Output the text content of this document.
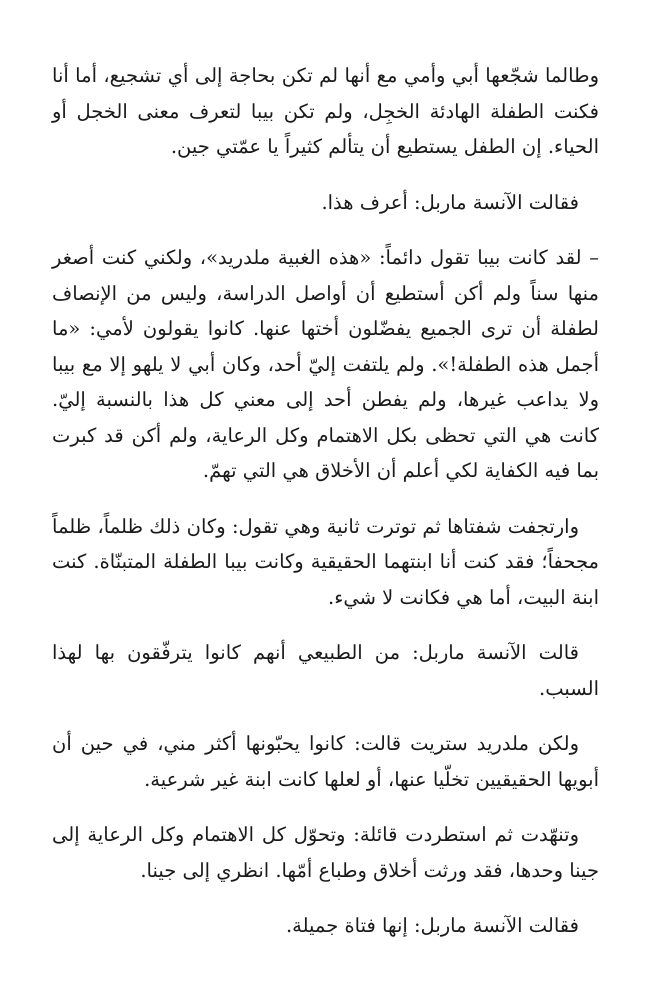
وطالما شجّعها أبي وأمي مع أنها لم تكن بحاجة إلى أي تشجيع، أما أنا فكنت الطفلة الهادئة الخجِل، ولم تكن بيبا لتعرف معنى الخجل أو الحياء. إن الطفل يستطيع أن يتألم كثيراً يا عمّتي جين.

فقالت الآنسة ماربل: أعرف هذا.

– لقد كانت بيبا تقول دائماً: «هذه الغبية ملدريد»، ولكني كنت أصغر منها سناً ولم أكن أستطيع أن أواصل الدراسة، وليس من الإنصاف لطفلة أن ترى الجميع يفضّلون أختها عنها. كانوا يقولون لأمي: «ما أجمل هذه الطفلة!». ولم يلتفت إليّ أحد، وكان أبي لا يلهو إلا مع بيبا ولا يداعب غيرها، ولم يفطن أحد إلى معني كل هذا بالنسبة إليّ. كانت هي التي تحظى بكل الاهتمام وكل الرعاية، ولم أكن قد كبرت بما فيه الكفاية لكي أعلم أن الأخلاق هي التي تهمّ.

وارتجفت شفتاها ثم توترت ثانية وهي تقول: وكان ذلك ظلماً، ظلماً مجحفاً؛ فقد كنت أنا ابنتهما الحقيقية وكانت بيبا الطفلة المتبنّاة. كنت ابنة البيت، أما هي فكانت لا شيء.

قالت الآنسة ماربل: من الطبيعي أنهم كانوا يترفّقون بها لهذا السبب.

ولكن ملدريد ستريت قالت: كانوا يحبّونها أكثر مني، في حين أن أبويها الحقيقيين تخلّيا عنها، أو لعلها كانت ابنة غير شرعية.

وتنهّدت ثم استطردت قائلة: وتحوّل كل الاهتمام وكل الرعاية إلى جينا وحدها، فقد ورثت أخلاق وطباع أمّها. انظري إلى جينا.

فقالت الآنسة ماربل: إنها فتاة جميلة.
